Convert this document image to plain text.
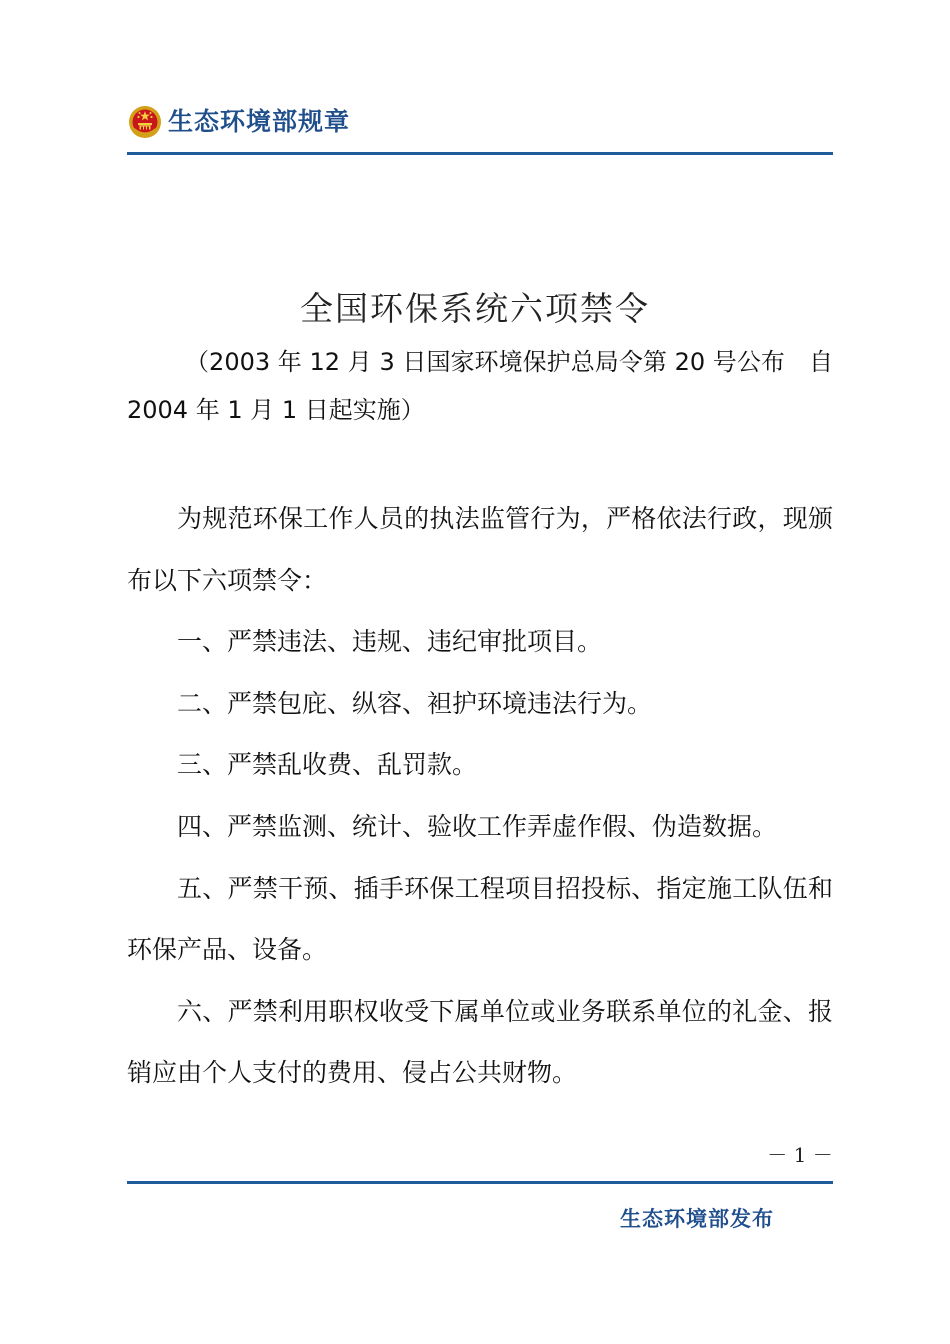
生态环境部规章
全国环保系统六项禁令
（2003 年 12 月 3 日国家环境保护总局令第 20 号公布　自 2004 年 1 月 1 日起实施）

为规范环保工作人员的执法监管行为，严格依法行政，现颁布以下六项禁令：

一、严禁违法、违规、违纪审批项目。

二、严禁包庇、纵容、袒护环境违法行为。

三、严禁乱收费、乱罚款。

四、严禁监测、统计、验收工作弄虚作假、伪造数据。

五、严禁干预、插手环保工程项目招投标、指定施工队伍和环保产品、设备。

六、严禁利用职权收受下属单位或业务联系单位的礼金、报销应由个人支付的费用、侵占公共财物。

－ 1 －
生态环境部发布
